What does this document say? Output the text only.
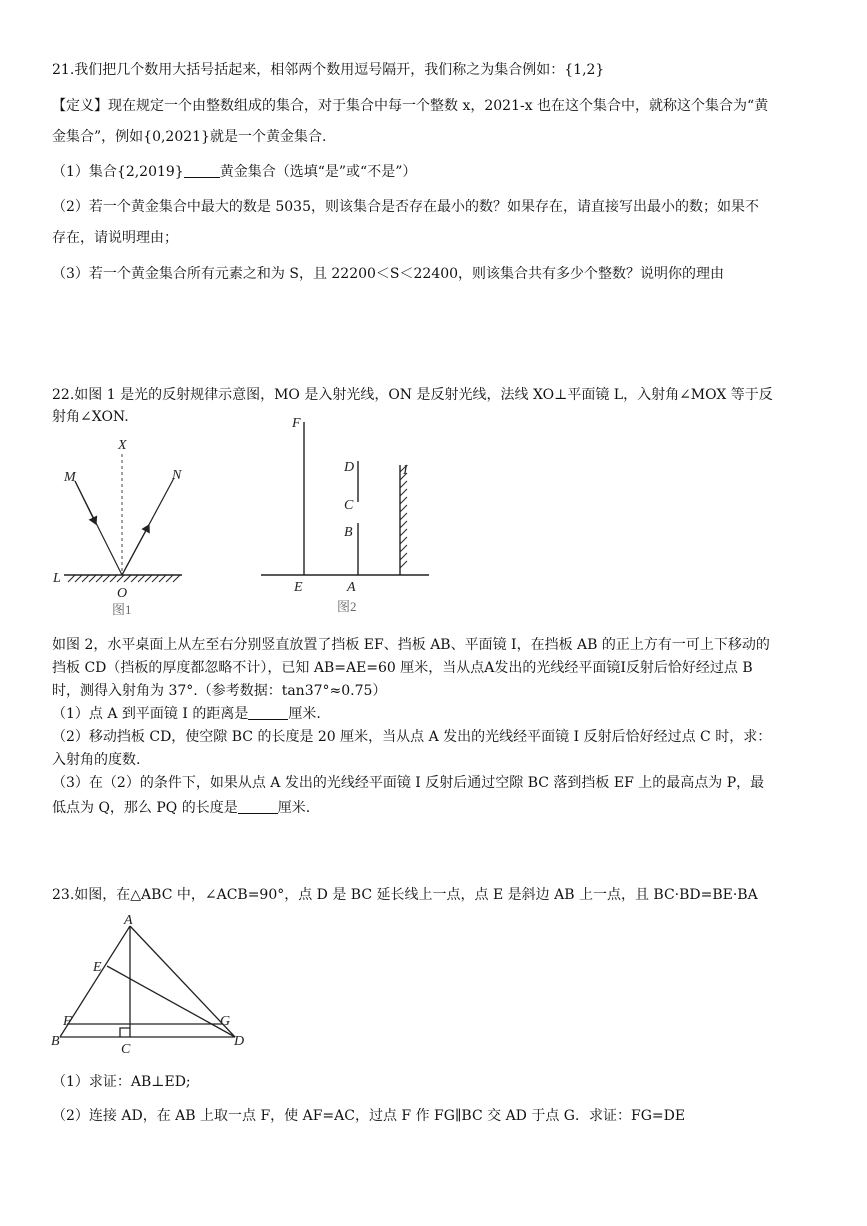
21.我们把几个数用大括号括起来，相邻两个数用逗号隔开，我们称之为集合例如：{1,2}
【定义】现在规定一个由整数组成的集合，对于集合中每一个整数 x，2021-x 也在这个集合中，就称这个集合为“黄
金集合”，例如{0,2021}就是一个黄金集合.
（1）集合{2,2019}	黄金集合（选填“是”或“不是”）
（2）若一个黄金集合中最大的数是 5035，则该集合是否存在最小的数？如果存在，请直接写出最小的数；如果不
存在，请说明理由；
（3）若一个黄金集合所有元素之和为 S，且 22200＜S＜22400，则该集合共有多少个整数？说明你的理由
22.如图 1 是光的反射规律示意图，MO 是入射光线，ON 是反射光线，法线 XO⊥平面镜 L，入射角∠MOX 等于反
射角∠XON.
M
X
N
L
O
图1
F
D
C
B
I
E	A
图2
如图 2，水平桌面上从左至右分别竖直放置了挡板 EF、挡板 AB、平面镜 I，在挡板 AB 的正上方有一可上下移动的
挡板 CD（挡板的厚度都忽略不计），已知 AB=AE=60 厘米，当从点A发出的光线经平面镜I反射后恰好经过点 B
时，测得入射角为 37°.（参考数据：tan37°≈0.75）
（1）点 A 到平面镜 I 的距离是	厘米.
（2）移动挡板 CD，使空隙 BC 的长度是 20 厘米，当从点 A 发出的光线经平面镜 I 反射后恰好经过点 C 时，求：
入射角的度数.
（3）在（2）的条件下，如果从点 A 发出的光线经平面镜 I 反射后通过空隙 BC 落到挡板 EF 上的最高点为 P，最
低点为 Q，那么 PQ 的长度是	厘米.
23.如图，在△ABC 中，∠ACB=90°，点 D 是 BC 延长线上一点，点 E 是斜边 AB 上一点，且 BC·BD=BE·BA
A
E
F	G
B
C
D
（1）求证：AB⊥ED;
（2）连接 AD，在 AB 上取一点 F，使 AF=AC，过点 F 作 FG∥BC 交 AD 于点 G．求证：FG=DE
